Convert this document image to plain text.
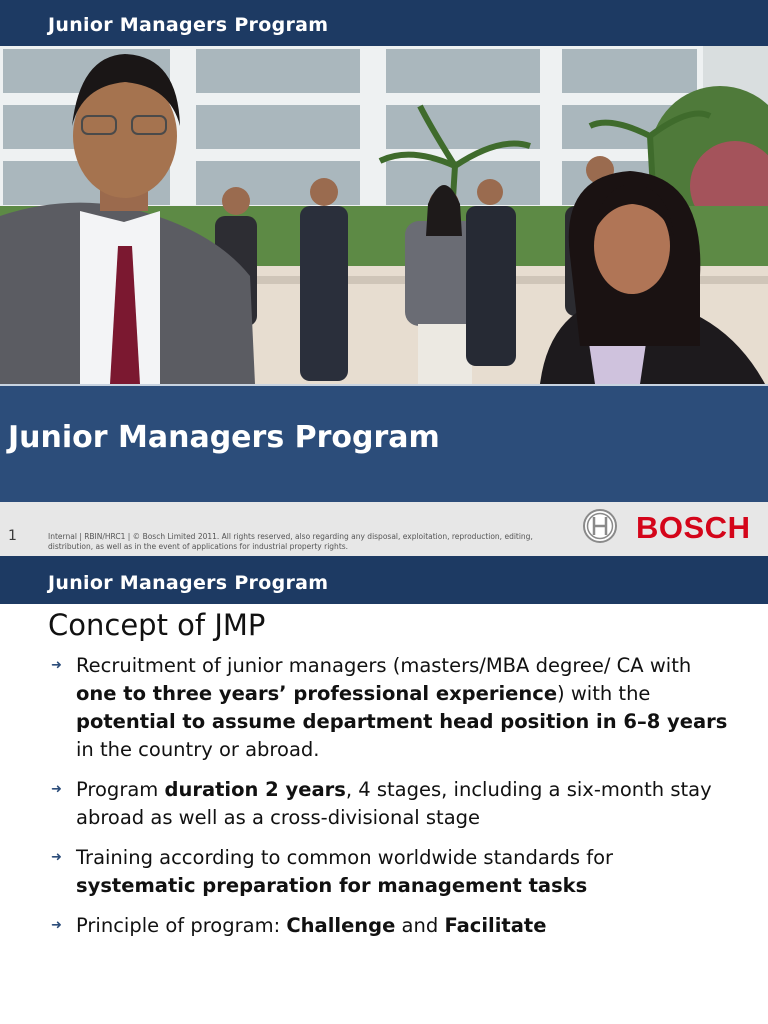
Junior Managers Program
Junior Managers Program
1	Internal | RBIN/HRC1 | © Bosch Limited 2011. All rights reserved, also regarding any disposal, exploitation, reproduction, editing, distribution, as well as in the event of applications for industrial property rights.
BOSCH
Junior Managers Program
Concept of JMP
➜ Recruitment of junior managers (masters/MBA degree/ CA with one to three years’ professional experience) with the potential to assume department head position in 6–8 years in the country or abroad.
➜ Program duration 2 years, 4 stages, including a six-month stay abroad as well as a cross-divisional stage
➜ Training according to common worldwide standards for systematic preparation for management tasks
➜ Principle of program: Challenge and Facilitate
